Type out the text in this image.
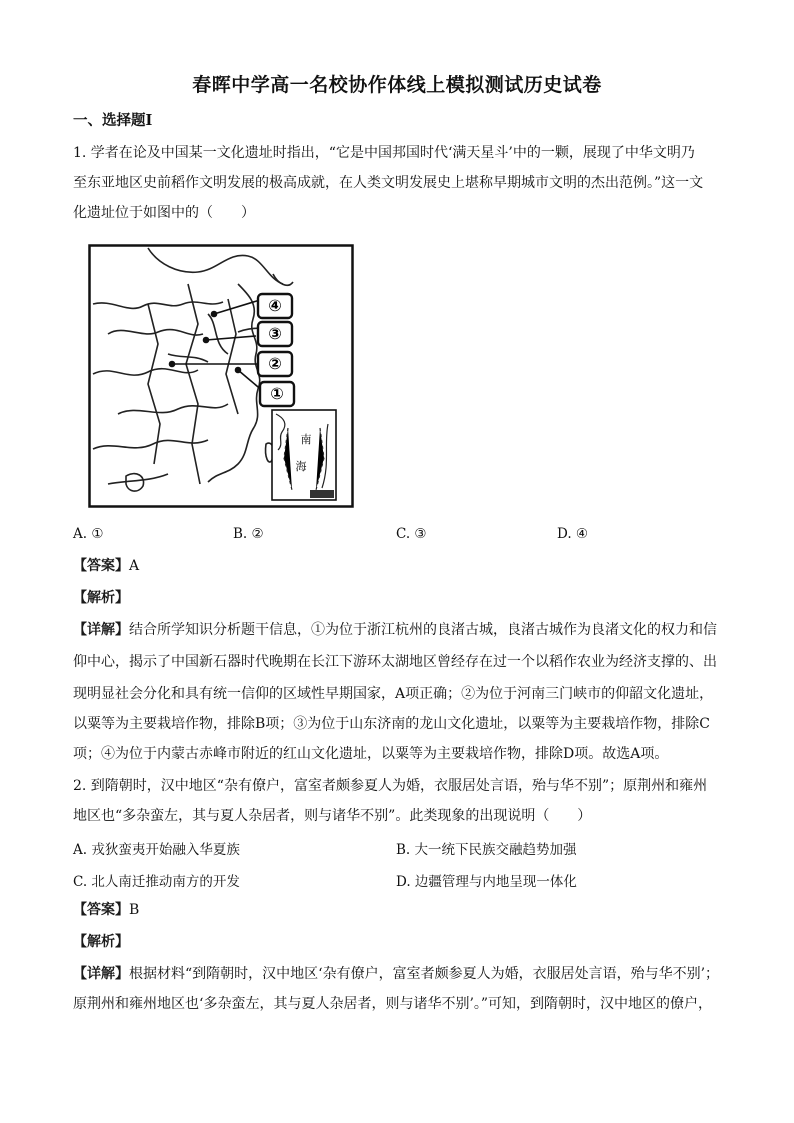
春晖中学高一名校协作体线上模拟测试历史试卷
一、选择题Ⅰ
1. 学者在论及中国某一文化遗址时指出，“它是中国邦国时代‘满天星斗’中的一颗，展现了中华文明乃
至东亚地区史前稻作文明发展的极高成就，在人类文明发展史上堪称早期城市文明的杰出范例。”这一文
化遗址位于如图中的（　　）
南
海
④
③
②
①
A. ①	B. ②	C. ③	D. ④
【答案】A
【解析】
【详解】结合所学知识分析题干信息，①为位于浙江杭州的良渚古城，良渚古城作为良渚文化的权力和信
仰中心，揭示了中国新石器时代晚期在长江下游环太湖地区曾经存在过一个以稻作农业为经济支撑的、出
现明显社会分化和具有统一信仰的区域性早期国家，A项正确；②为位于河南三门峡市的仰韶文化遗址，
以粟等为主要栽培作物，排除B项；③为位于山东济南的龙山文化遗址，以粟等为主要栽培作物，排除C
项；④为位于内蒙古赤峰市附近的红山文化遗址，以粟等为主要栽培作物，排除D项。故选A项。
2. 到隋朝时，汉中地区“杂有僚户，富室者颇参夏人为婚，衣服居处言语，殆与华不别”；原荆州和雍州
地区也“多杂蛮左，其与夏人杂居者，则与诸华不别”。此类现象的出现说明（　　）
A. 戎狄蛮夷开始融入华夏族	B. 大一统下民族交融趋势加强
C. 北人南迁推动南方的开发	D. 边疆管理与内地呈现一体化
【答案】B
【解析】
【详解】根据材料“到隋朝时，汉中地区‘杂有僚户，富室者颇参夏人为婚，衣服居处言语，殆与华不别’；
原荆州和雍州地区也‘多杂蛮左，其与夏人杂居者，则与诸华不别’。”可知，到隋朝时，汉中地区的僚户，
